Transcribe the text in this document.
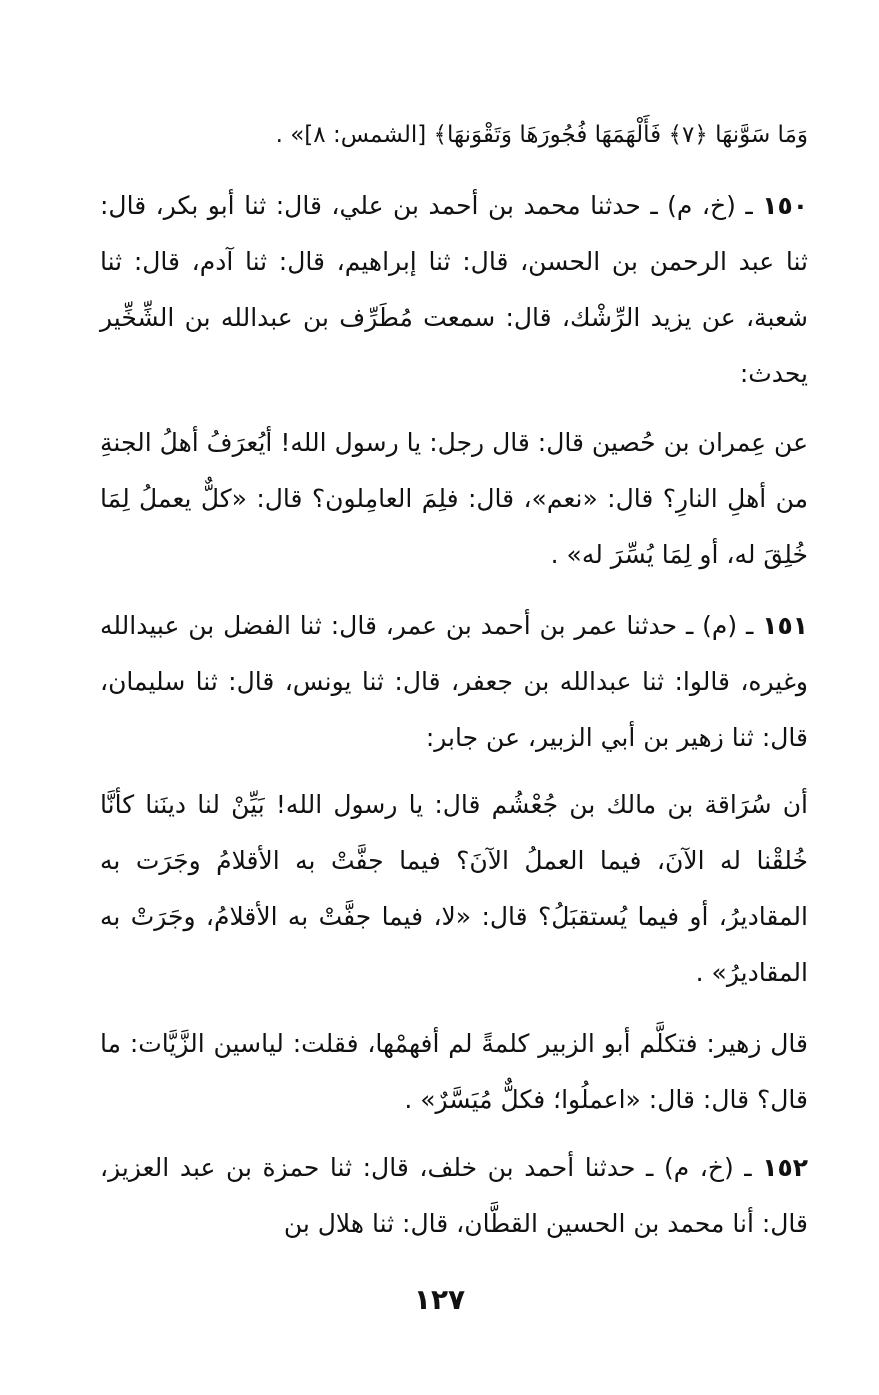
وَمَا سَوَّنهَا ﴿٧﴾ فَأَلْهَمَهَا فُجُورَهَا وَتَقْوَنهَا﴾ [الشمس: ٨]» .
١٥٠ ـ (خ، م) ـ حدثنا محمد بن أحمد بن علي، قال: ثنا أبو بكر، قال: ثنا عبد الرحمن بن الحسن، قال: ثنا إبراهيم، قال: ثنا آدم، قال: ثنا شعبة، عن يزيد الرِّشْك، قال: سمعت مُطَرِّف بن عبدالله بن الشِّخِّير يحدث:
عن عِمران بن حُصين قال: قال رجل: يا رسول الله! أيُعرَفُ أهلُ الجنةِ من أهلِ النارِ؟ قال: «نعم»، قال: فلِمَ العامِلون؟ قال: «كلٌّ يعملُ لِمَا خُلِقَ له، أو لِمَا يُسِّرَ له» .
١٥١ ـ (م) ـ حدثنا عمر بن أحمد بن عمر، قال: ثنا الفضل بن عبيدالله وغيره، قالوا: ثنا عبدالله بن جعفر، قال: ثنا يونس، قال: ثنا سليمان، قال: ثنا زهير بن أبي الزبير، عن جابر:
أن سُرَاقة بن مالك بن جُعْشُم قال: يا رسول الله! بَيِّنْ لنا دينَنا كأنَّا خُلقْنا له الآنَ، فيما العملُ الآنَ؟ فيما جفَّتْ به الأقلامُ وجَرَت به المقاديرُ، أو فيما يُستقبَلُ؟ قال: «لا، فيما جفَّتْ به الأقلامُ، وجَرَتْ به المقاديرُ» .
قال زهير: فتكلَّم أبو الزبير كلمةً لم أفهمْها، فقلت: لياسين الزَّيَّات: ما قال؟ قال: قال: «اعملُوا؛ فكلٌّ مُيَسَّرٌ» .
١٥٢ ـ (خ، م) ـ حدثنا أحمد بن خلف، قال: ثنا حمزة بن عبد العزيز، قال: أنا محمد بن الحسين القطَّان، قال: ثنا هلال بن
١٢٧
